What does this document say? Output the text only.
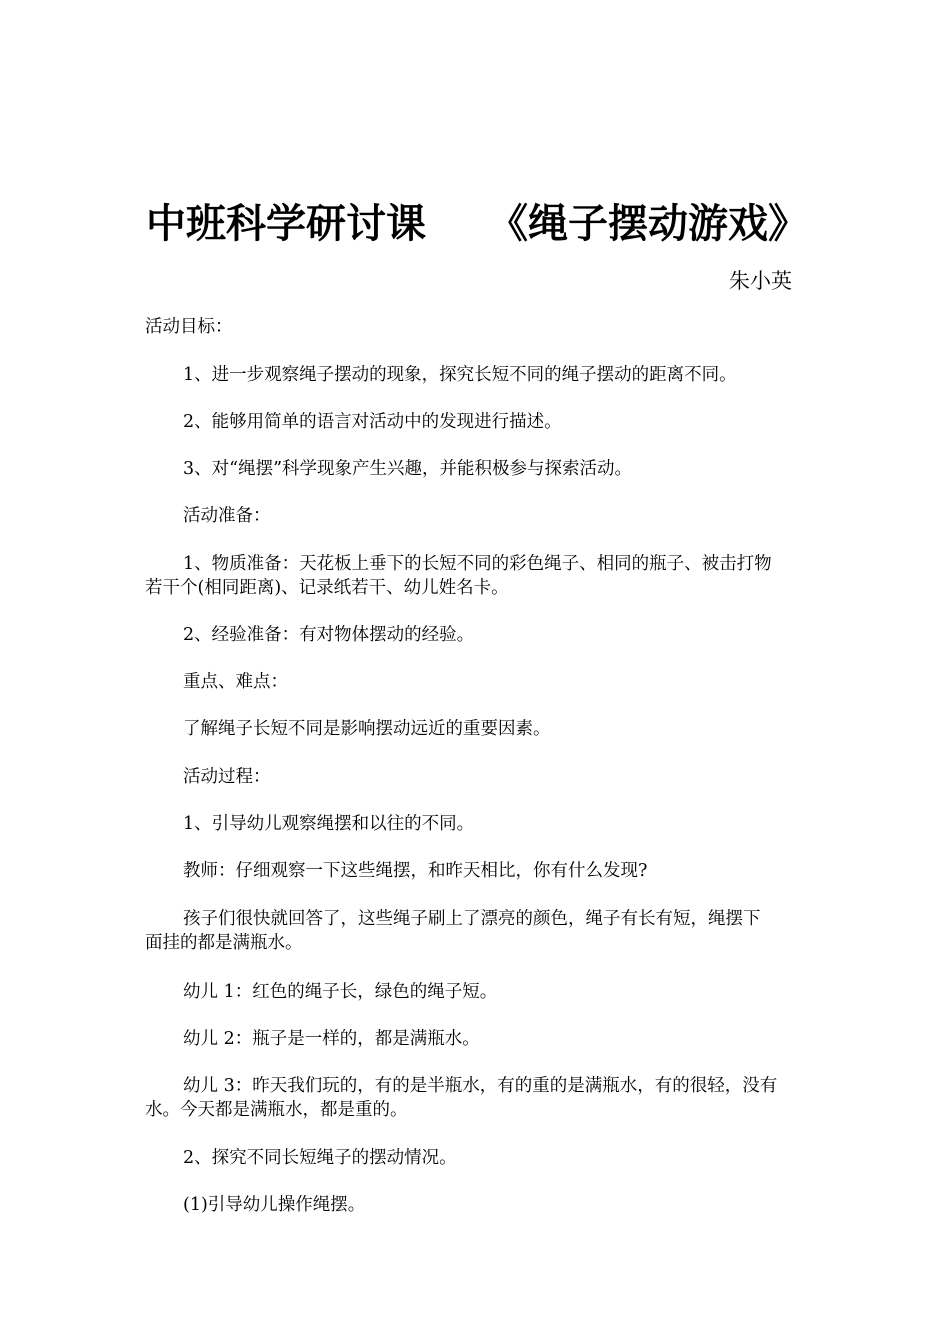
中班科学研讨课 《绳子摆动游戏》
朱小英

活动目标：

1、进一步观察绳子摆动的现象，探究长短不同的绳子摆动的距离不同。

2、能够用简单的语言对活动中的发现进行描述。

3、对“绳摆”科学现象产生兴趣，并能积极参与探索活动。

活动准备：

1、物质准备：天花板上垂下的长短不同的彩色绳子、相同的瓶子、被击打物
若干个(相同距离)、记录纸若干、幼儿姓名卡。

2、经验准备：有对物体摆动的经验。

重点、难点：

了解绳子长短不同是影响摆动远近的重要因素。

活动过程：

1、引导幼儿观察绳摆和以往的不同。

教师：仔细观察一下这些绳摆，和昨天相比，你有什么发现?

孩子们很快就回答了，这些绳子刷上了漂亮的颜色，绳子有长有短，绳摆下
面挂的都是满瓶水。

幼儿 1：红色的绳子长，绿色的绳子短。

幼儿 2：瓶子是一样的，都是满瓶水。

幼儿 3：昨天我们玩的，有的是半瓶水，有的重的是满瓶水，有的很轻，没有
水。今天都是满瓶水，都是重的。

2、探究不同长短绳子的摆动情况。

(1)引导幼儿操作绳摆。
